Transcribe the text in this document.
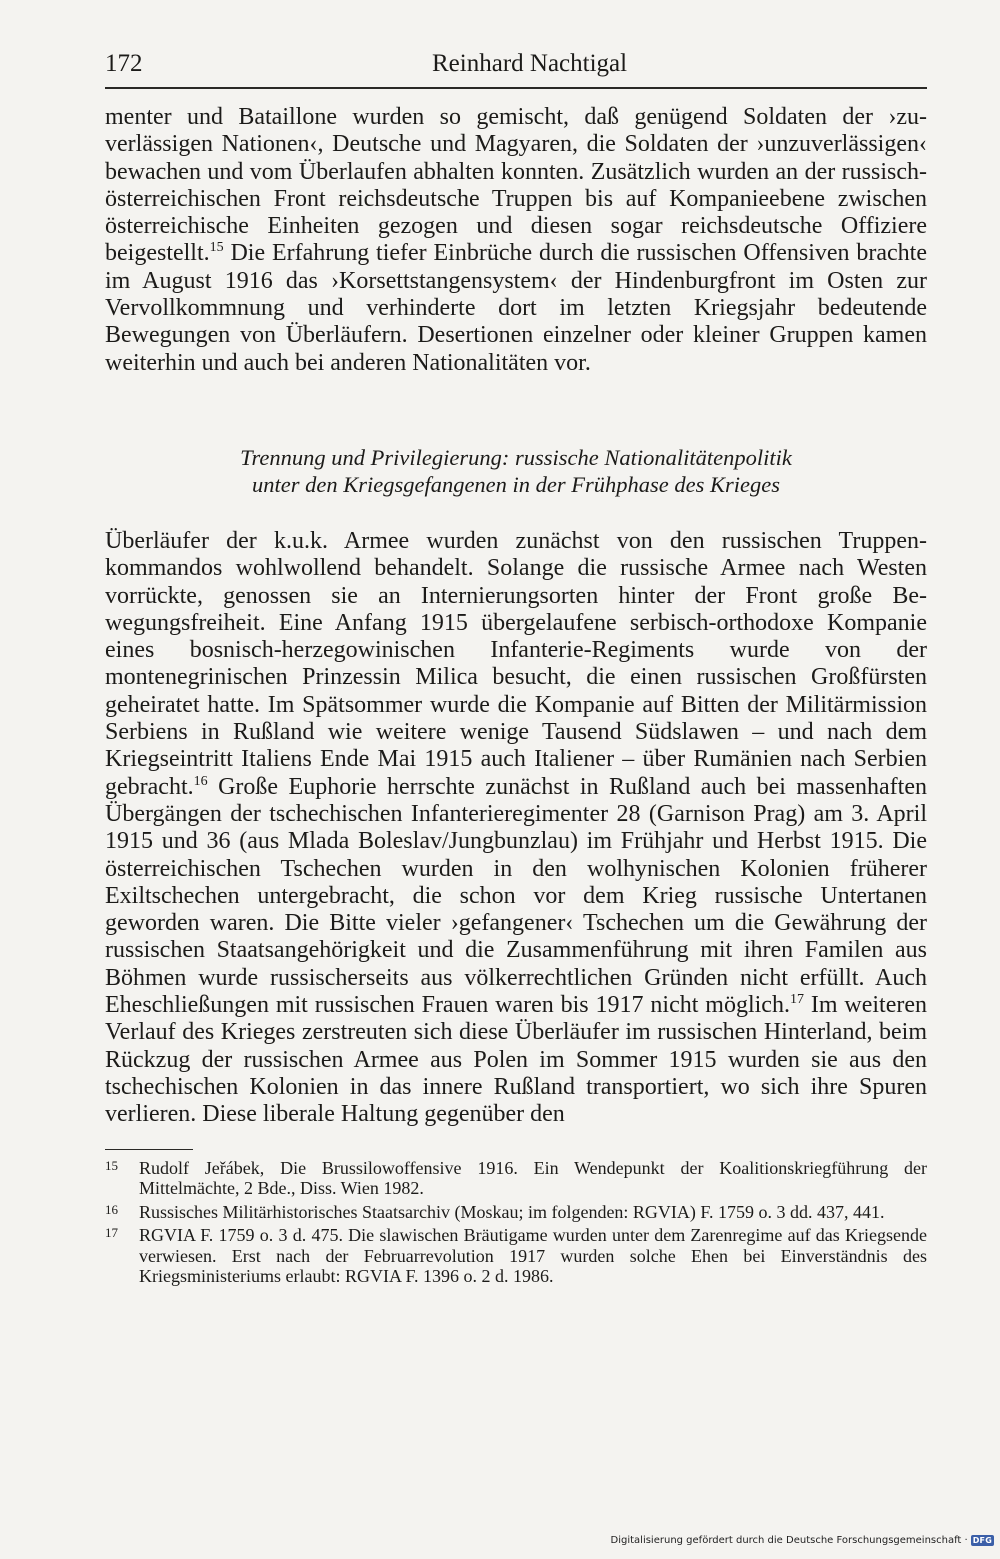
172	Reinhard Nachtigal

menter und Bataillone wurden so gemischt, daß genügend Soldaten der ›zuverlässigen Nationen‹, Deutsche und Magyaren, die Soldaten der ›unzuverlässigen‹ bewachen und vom Überlaufen abhalten konnten. Zusätzlich wurden an der russisch-österreichischen Front reichsdeutsche Truppen bis auf Kompanieebene zwischen österreichische Einheiten gezogen und diesen sogar reichsdeutsche Offiziere beigestellt.$^{15}$ Die Erfahrung tiefer Einbrüche durch die russischen Offensiven brachte im August 1916 das ›Korsettstangensystem‹ der Hindenburgfront im Osten zur Vervollkommnung und verhinderte dort im letzten Kriegsjahr bedeutende Bewegungen von Überläufern. Desertionen einzelner oder kleiner Gruppen kamen weiterhin und auch bei anderen Nationalitäten vor.

Trennung und Privilegierung: russische Nationalitätenpolitik
unter den Kriegsgefangenen in der Frühphase des Krieges

Überläufer der k.u.k. Armee wurden zunächst von den russischen Truppenkommandos wohlwollend behandelt. Solange die russische Armee nach Westen vorrückte, genossen sie an Internierungsorten hinter der Front große Bewegungsfreiheit. Eine Anfang 1915 übergelaufene serbisch-orthodoxe Kompanie eines bosnisch-herzegowinischen Infanterie-Regiments wurde von der montenegrinischen Prinzessin Milica besucht, die einen russischen Großfürsten geheiratet hatte. Im Spätsommer wurde die Kompanie auf Bitten der Militärmission Serbiens in Rußland wie weitere wenige Tausend Südslawen – und nach dem Kriegseintritt Italiens Ende Mai 1915 auch Italiener – über Rumänien nach Serbien gebracht.$^{16}$ Große Euphorie herrschte zunächst in Rußland auch bei massenhaften Übergängen der tschechischen Infanterieregimenter 28 (Garnison Prag) am 3. April 1915 und 36 (aus Mlada Boleslav/Jungbunzlau) im Frühjahr und Herbst 1915. Die österreichischen Tschechen wurden in den wolhynischen Kolonien früherer Exiltschechen untergebracht, die schon vor dem Krieg russische Untertanen geworden waren. Die Bitte vieler ›gefangener‹ Tschechen um die Gewährung der russischen Staatsangehörigkeit und die Zusammenführung mit ihren Familen aus Böhmen wurde russischerseits aus völkerrechtlichen Gründen nicht erfüllt. Auch Eheschließungen mit russischen Frauen waren bis 1917 nicht möglich.$^{17}$ Im weiteren Verlauf des Krieges zerstreuten sich diese Überläufer im russischen Hinterland, beim Rückzug der russischen Armee aus Polen im Sommer 1915 wurden sie aus den tschechischen Kolonien in das innere Rußland transportiert, wo sich ihre Spuren verlieren. Diese liberale Haltung gegenüber den

15 Rudolf Jeřábek, Die Brussilowoffensive 1916. Ein Wendepunkt der Koalitionskriegführung der Mittelmächte, 2 Bde., Diss. Wien 1982.
16 Russisches Militärhistorisches Staatsarchiv (Moskau; im folgenden: RGVIA) F. 1759 o. 3 dd. 437, 441.
17 RGVIA F. 1759 o. 3 d. 475. Die slawischen Bräutigame wurden unter dem Zarenregime auf das Kriegsende verwiesen. Erst nach der Februarrevolution 1917 wurden solche Ehen bei Einverständnis des Kriegsministeriums erlaubt: RGVIA F. 1396 o. 2 d. 1986.
Digitalisierung gefördert durch die Deutsche Forschungsgemeinschaft · DFG
